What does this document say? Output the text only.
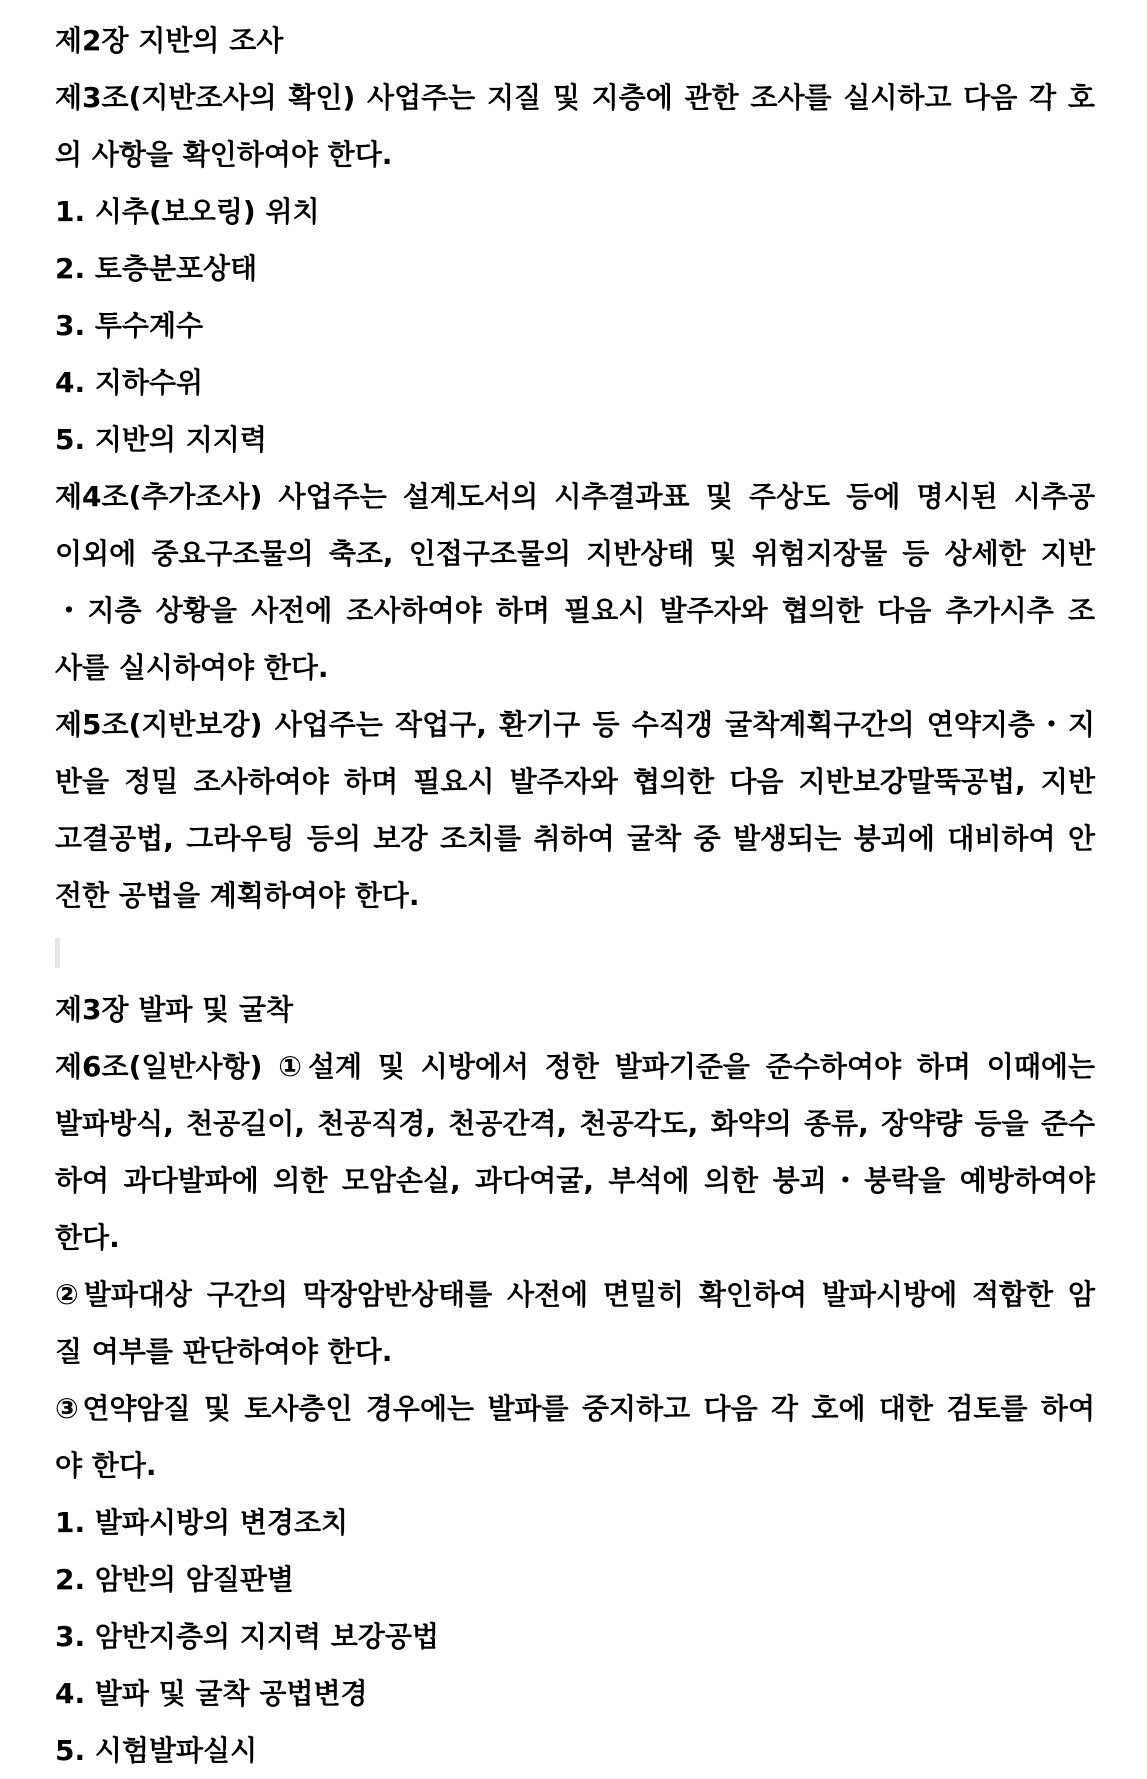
제2장 지반의 조사
제3조(지반조사의 확인) 사업주는 지질 및 지층에 관한 조사를 실시하고 다음 각 호
의 사항을 확인하여야 한다.
1. 시추(보오링) 위치
2. 토층분포상태
3. 투수계수
4. 지하수위
5. 지반의 지지력
제4조(추가조사) 사업주는 설계도서의 시추결과표 및 주상도 등에 명시된 시추공
이외에 중요구조물의 축조, 인접구조물의 지반상태 및 위험지장물 등 상세한 지반
・지층 상황을 사전에 조사하여야 하며 필요시 발주자와 협의한 다음 추가시추 조
사를 실시하여야 한다.
제5조(지반보강) 사업주는 작업구, 환기구 등 수직갱 굴착계획구간의 연약지층・지
반을 정밀 조사하여야 하며 필요시 발주자와 협의한 다음 지반보강말뚝공법, 지반
고결공법, 그라우팅 등의 보강 조치를 취하여 굴착 중 발생되는 붕괴에 대비하여 안
전한 공법을 계획하여야 한다.
제3장 발파 및 굴착
제6조(일반사항) ①설계 및 시방에서 정한 발파기준을 준수하여야 하며 이때에는
발파방식, 천공길이, 천공직경, 천공간격, 천공각도, 화약의 종류, 장약량 등을 준수
하여 과다발파에 의한 모암손실, 과다여굴, 부석에 의한 붕괴・붕락을 예방하여야
한다.
②발파대상 구간의 막장암반상태를 사전에 면밀히 확인하여 발파시방에 적합한 암
질 여부를 판단하여야 한다.
③연약암질 및 토사층인 경우에는 발파를 중지하고 다음 각 호에 대한 검토를 하여
야 한다.
1. 발파시방의 변경조치
2. 암반의 암질판별
3. 암반지층의 지지력 보강공법
4. 발파 및 굴착 공법변경
5. 시험발파실시
